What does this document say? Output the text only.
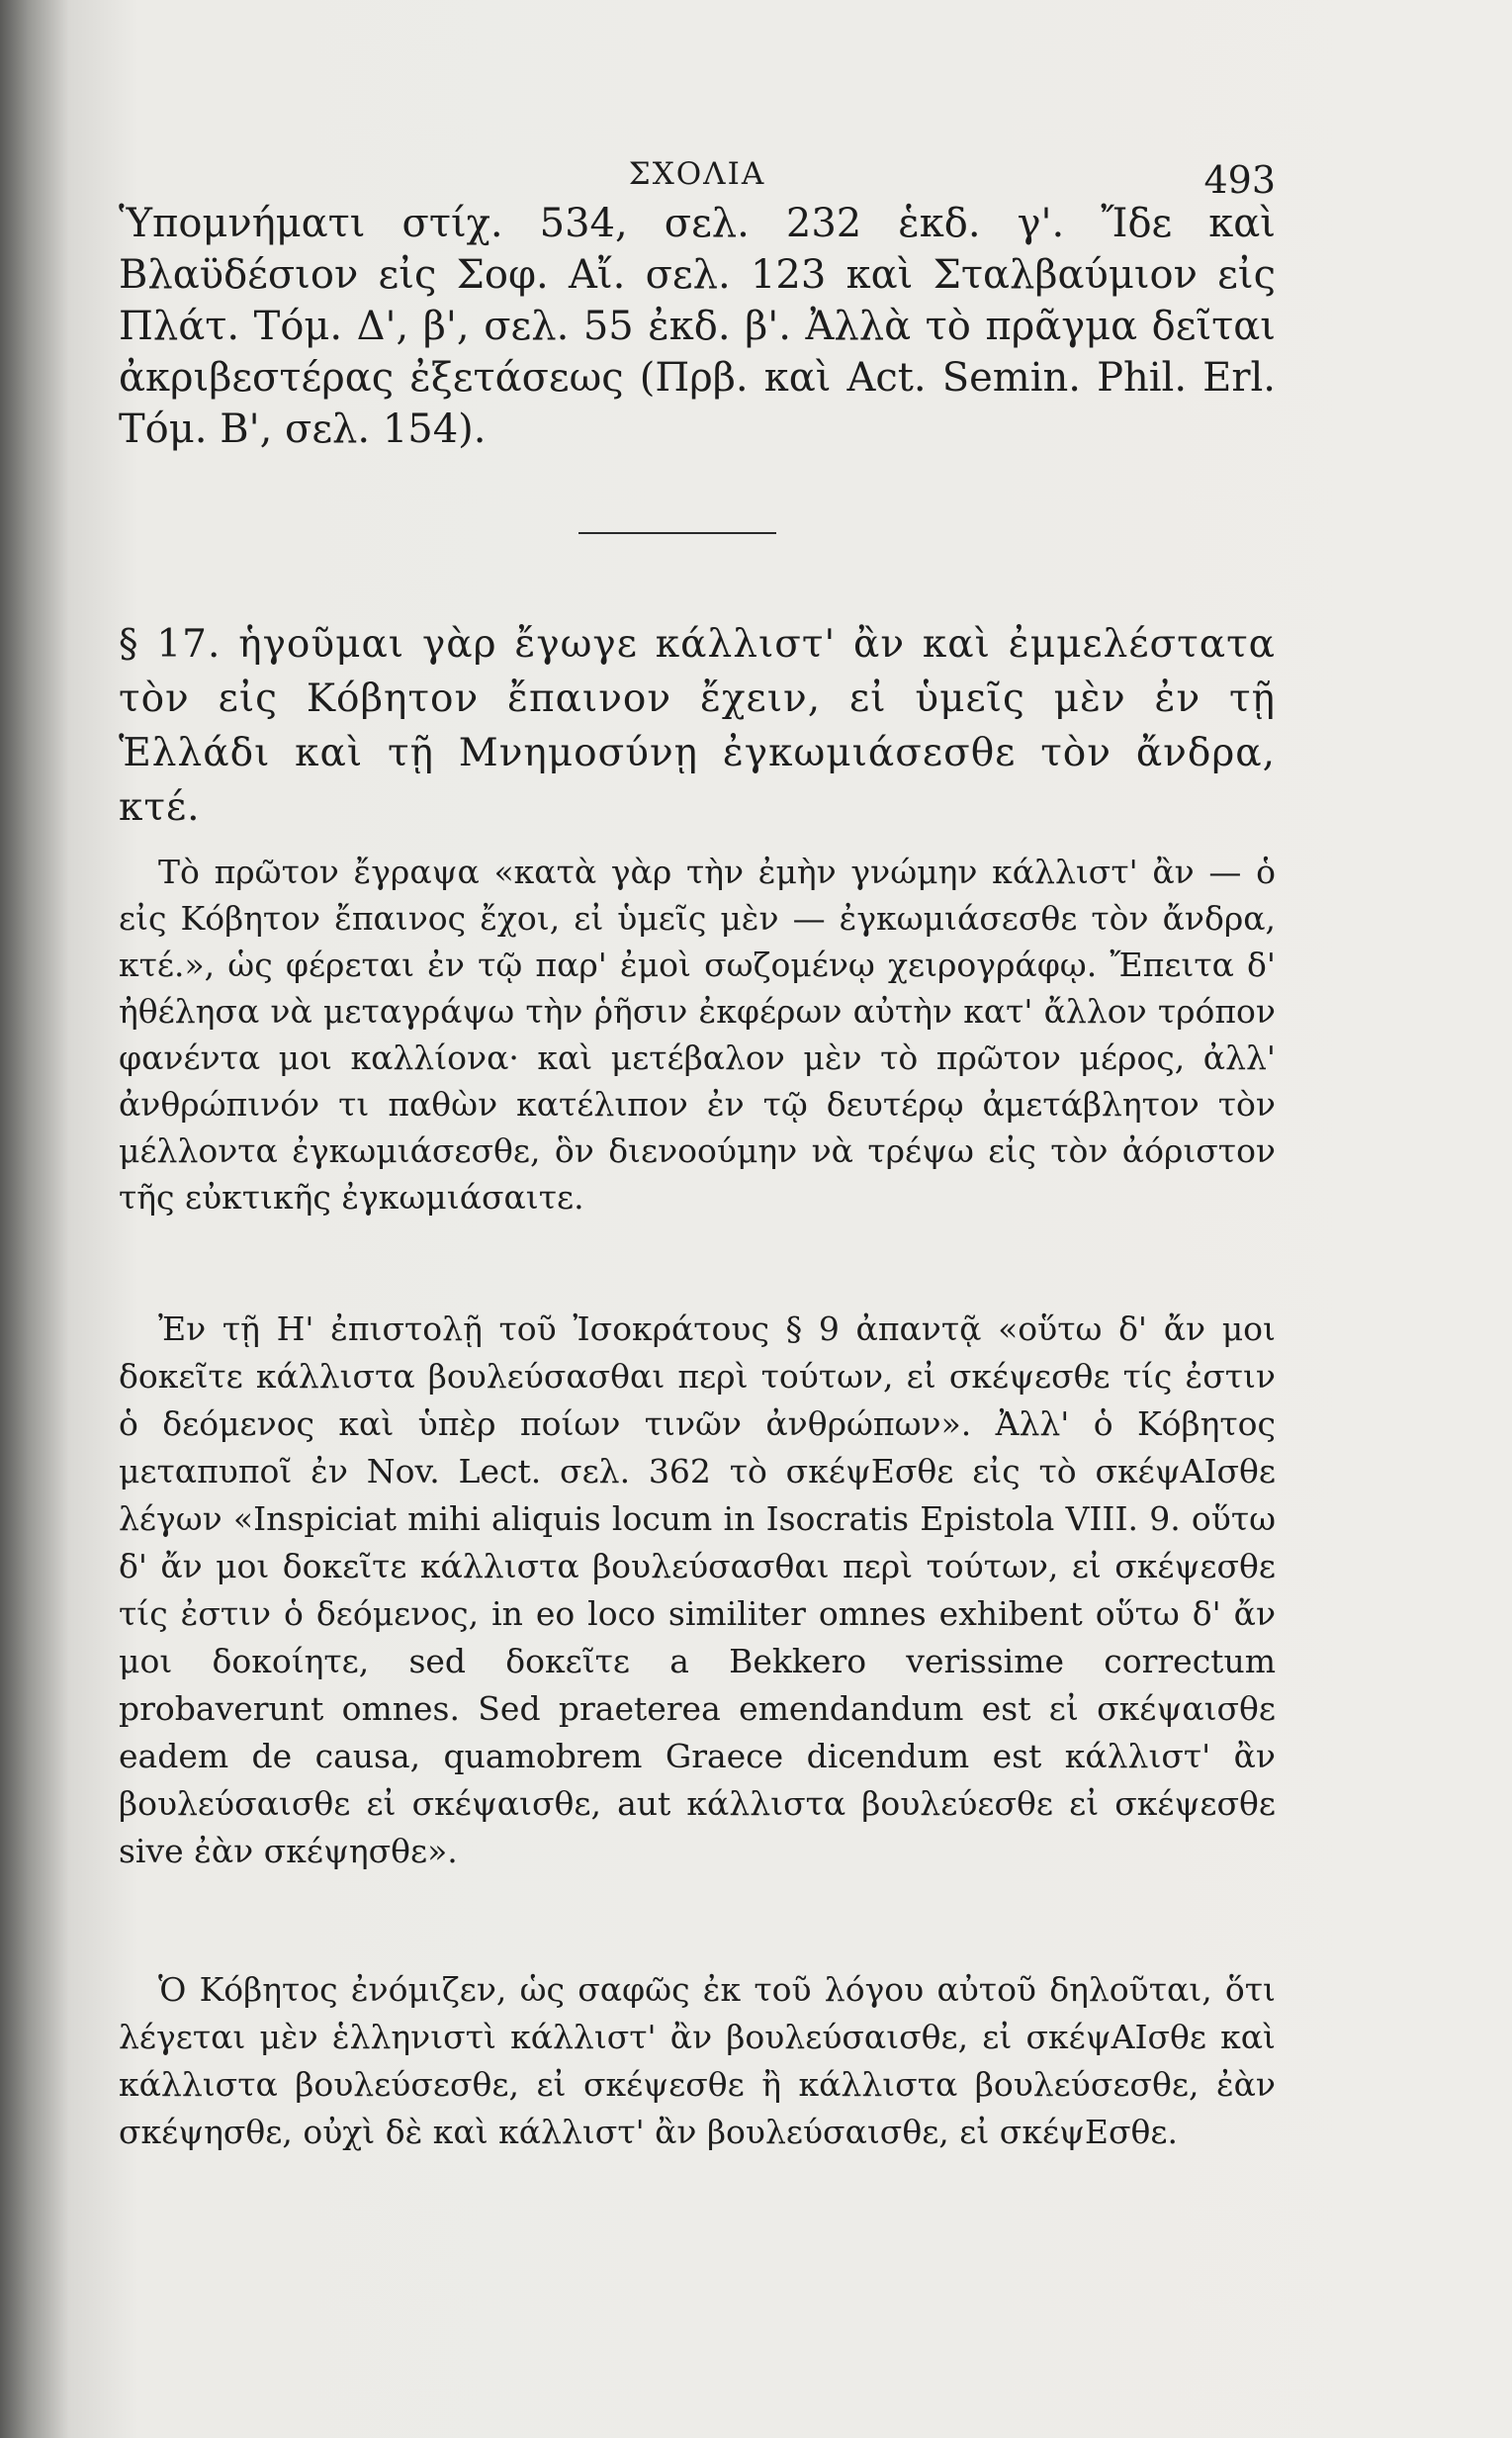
ΣΧΟΛΙΑ	493

Ὑπομνήματι στίχ. 534, σελ. 232 ἑκδ. γ'. Ἴδε καὶ Βλαϋδέσιον εἰς Σοφ. Αἴ. σελ. 123 καὶ Σταλβαύμιον εἰς Πλάτ. Τόμ. Δ', β', σελ. 55 ἐκδ. β'. Ἀλλὰ τὸ πρᾶγμα δεῖται ἀκριβεστέρας ἐξετάσεως (Πρβ. καὶ Act. Semin. Phil. Erl. Τόμ. Β', σελ. 154).

§ 17. ἡγοῦμαι γὰρ ἔγωγε κάλλιστ' ἂν καὶ ἐμμελέστατα τὸν εἰς Κόβητον ἔπαινον ἔχειν, εἰ ὑμεῖς μὲν ἐν τῇ Ἑλλάδι καὶ τῇ Μνημοσύνῃ ἐγκωμιάσεσθε τὸν ἄνδρα, κτέ.

Τὸ πρῶτον ἔγραψα «κατὰ γὰρ τὴν ἐμὴν γνώμην κάλλιστ' ἂν — ὁ εἰς Κόβητον ἔπαινος ἔχοι, εἰ ὑμεῖς μὲν — ἐγκωμιάσεσθε τὸν ἄνδρα, κτέ.», ὡς φέρεται ἐν τῷ παρ' ἐμοὶ σωζομένῳ χειρογράφῳ. Ἔπειτα δ' ἠθέλησα νὰ μεταγράψω τὴν ῥῆσιν ἐκφέρων αὐτὴν κατ' ἄλλον τρόπον φανέντα μοι καλλίονα· καὶ μετέβαλον μὲν τὸ πρῶτον μέρος, ἀλλ' ἀνθρώπινόν τι παθὼν κατέλιπον ἐν τῷ δευτέρῳ ἀμετάβλητον τὸν μέλλοντα ἐγκωμιάσεσθε, ὃν διενοούμην νὰ τρέψω εἰς τὸν ἀόριστον τῆς εὐκτικῆς ἐγκωμιάσαιτε.

Ἐν τῇ Η' ἐπιστολῇ τοῦ Ἰσοκράτους § 9 ἀπαντᾷ «οὕτω δ' ἄν μοι δοκεῖτε κάλλιστα βουλεύσασθαι περὶ τούτων, εἰ σκέψεσθε τίς ἐστιν ὁ δεόμενος καὶ ὑπὲρ ποίων τινῶν ἀνθρώπων». Ἀλλ' ὁ Κόβητος μεταπυποῖ ἐν Nov. Lect. σελ. 362 τὸ σκέψΕσθε εἰς τὸ σκέψΑΙσθε λέγων «Inspiciat mihi aliquis locum in Isocratis Epistola VIII. 9. οὕτω δ' ἄν μοι δοκεῖτε κάλλιστα βουλεύσασθαι περὶ τούτων, εἰ σκέψεσθε τίς ἐστιν ὁ δεόμενος, in eo loco similiter omnes exhibent οὕτω δ' ἄν μοι δοκοίητε, sed δοκεῖτε a Bekkero verissime correctum probaverunt omnes. Sed praeterea emendandum est εἰ σκέψαισθε eadem de causa, quamobrem Graece dicendum est κάλλιστ' ἂν βουλεύσαισθε εἰ σκέψαισθε, aut κάλλιστα βουλεύεσθε εἰ σκέψεσθε sive ἐὰν σκέψησθε».

Ὁ Κόβητος ἐνόμιζεν, ὡς σαφῶς ἐκ τοῦ λόγου αὐτοῦ δηλοῦται, ὅτι λέγεται μὲν ἑλληνιστὶ κάλλιστ' ἂν βουλεύσαισθε, εἰ σκέψΑΙσθε καὶ κάλλιστα βουλεύσεσθε, εἰ σκέψεσθε ἢ κάλλιστα βουλεύσεσθε, ἐὰν σκέψησθε, οὐχὶ δὲ καὶ κάλλιστ' ἂν βουλεύσαισθε, εἰ σκέψΕσθε.
